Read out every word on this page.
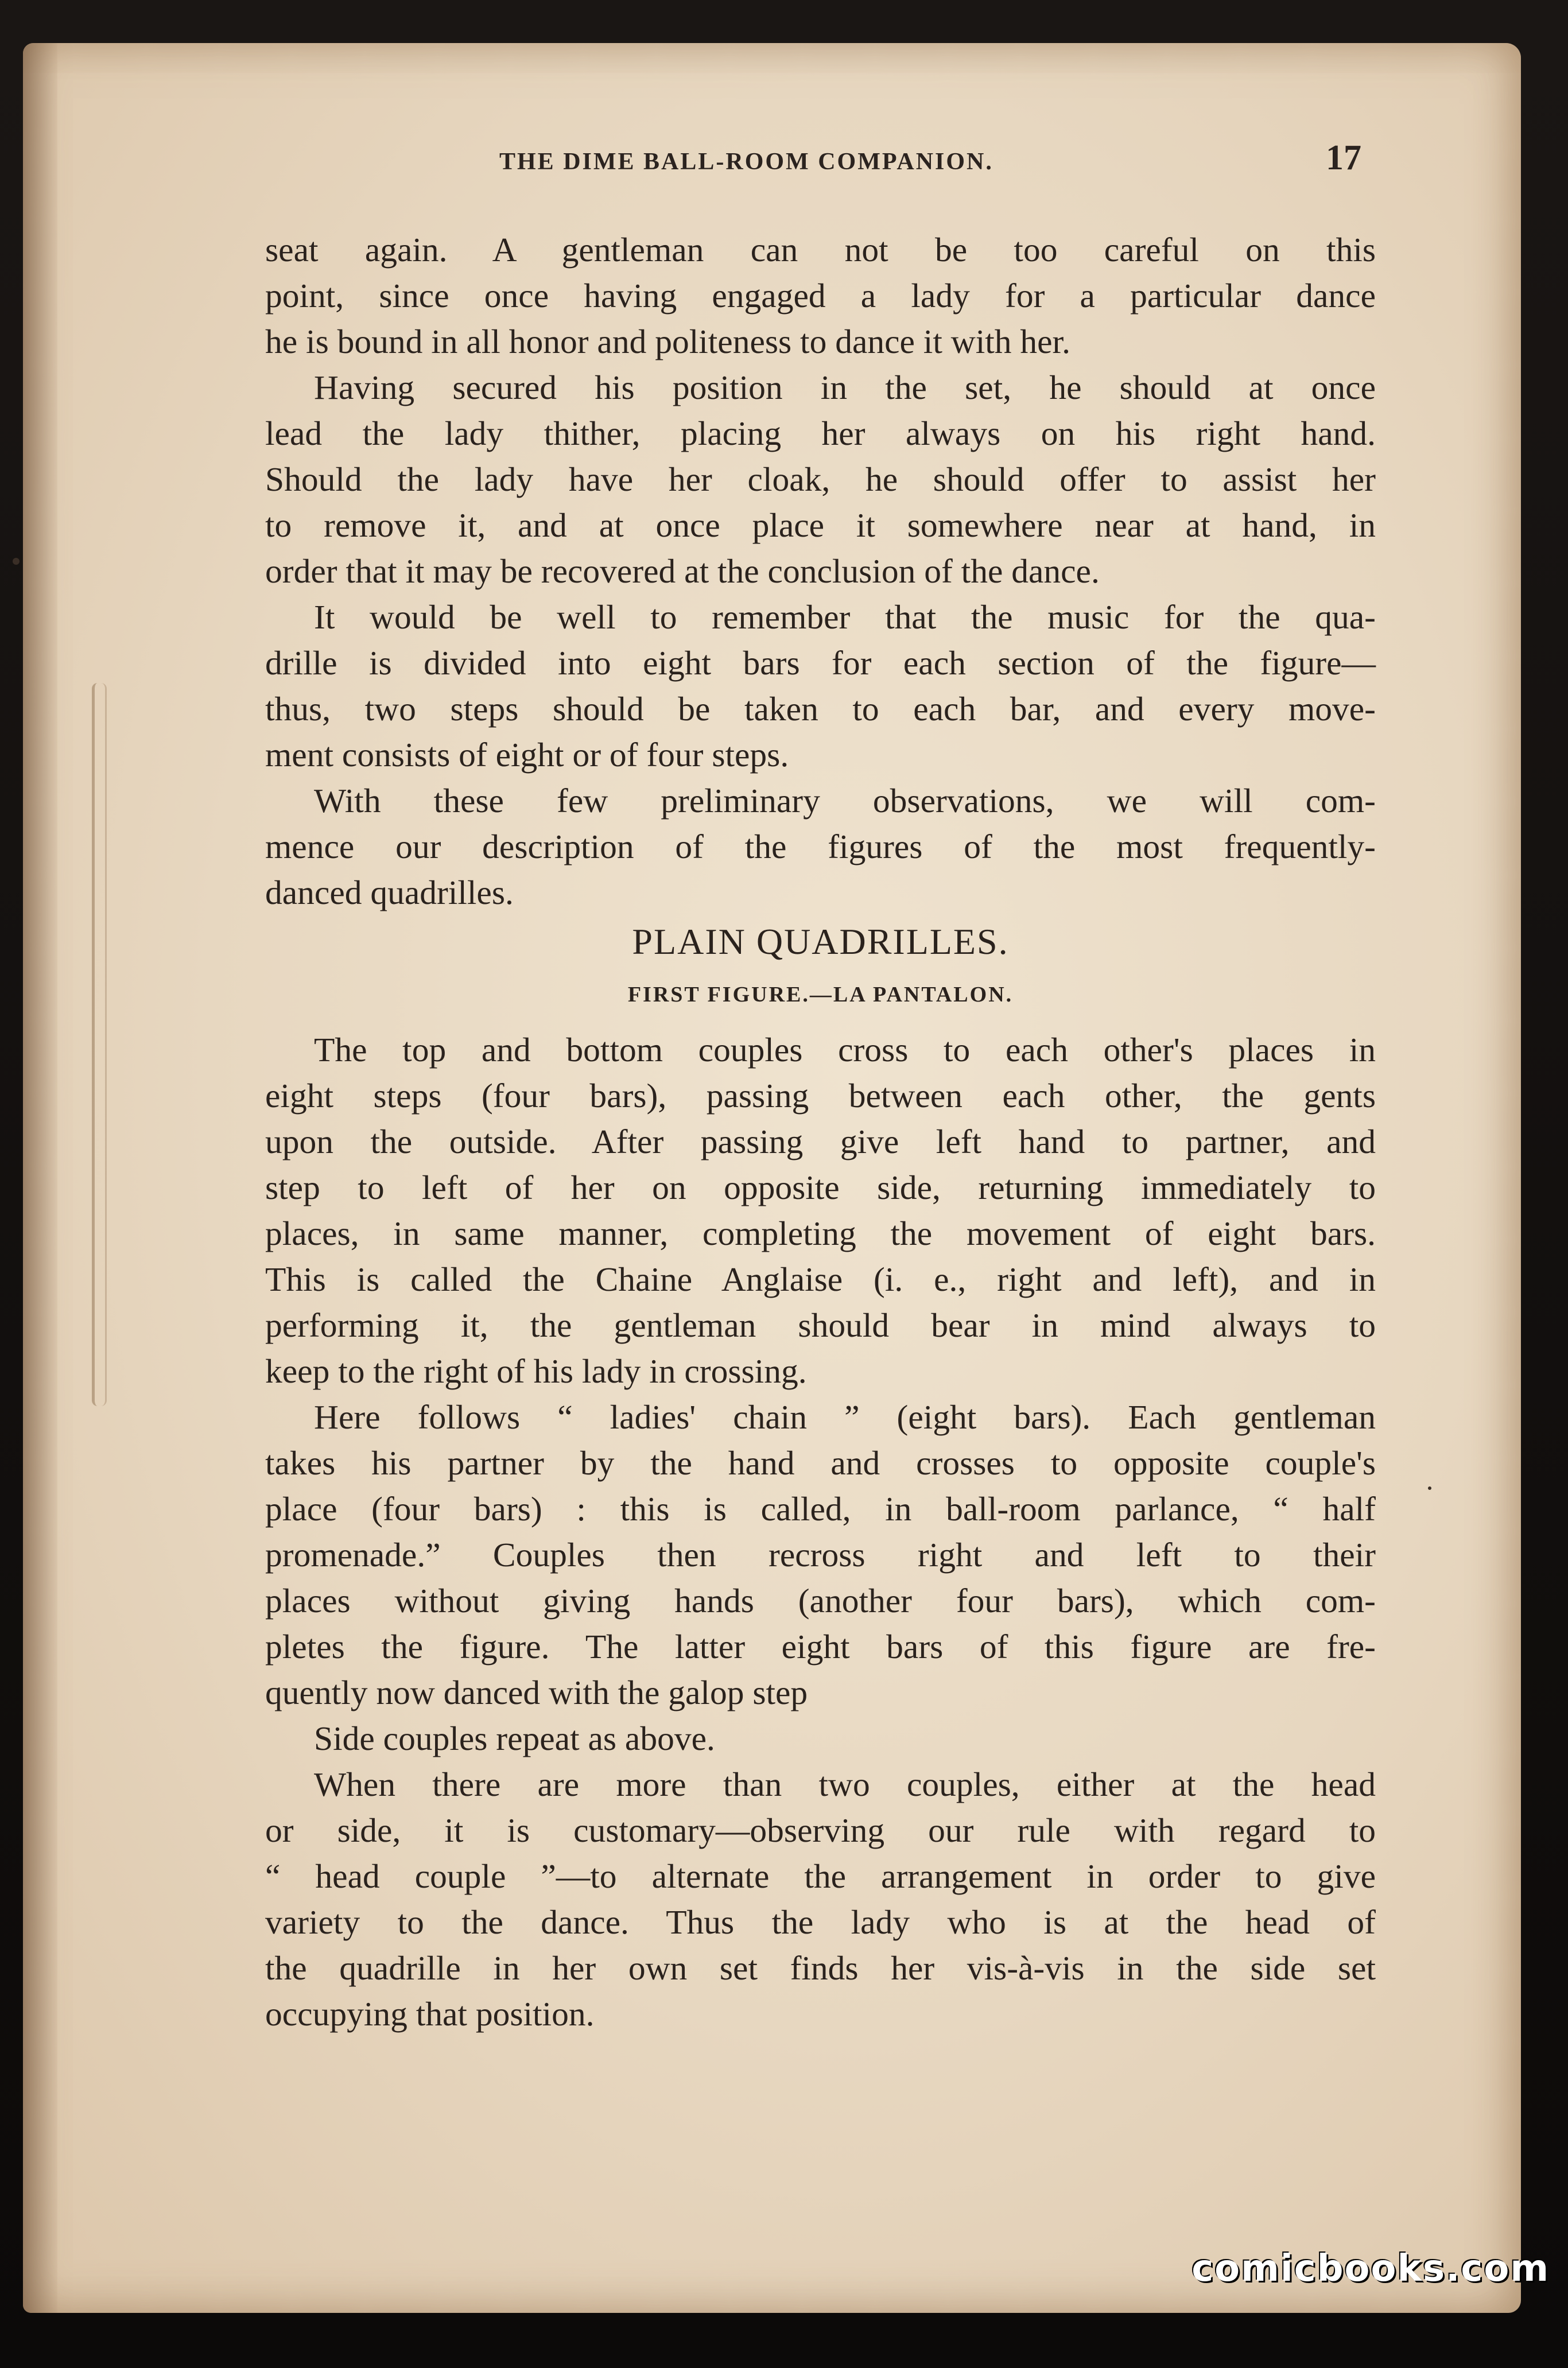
THE DIME BALL-ROOM COMPANION.	17
seat again. A gentleman can not be too careful on this
point, since once having engaged a lady for a particular dance
he is bound in all honor and politeness to dance it with her.
Having secured his position in the set, he should at once
lead the lady thither, placing her always on his right hand.
Should the lady have her cloak, he should offer to assist her
to remove it, and at once place it somewhere near at hand, in
order that it may be recovered at the conclusion of the dance.
It would be well to remember that the music for the qua-
drille is divided into eight bars for each section of the figure—
thus, two steps should be taken to each bar, and every move-
ment consists of eight or of four steps.
With these few preliminary observations, we will com-
mence our description of the figures of the most frequently-
danced quadrilles.
PLAIN QUADRILLES.
FIRST FIGURE.—LA PANTALON.
The top and bottom couples cross to each other's places in
eight steps (four bars), passing between each other, the gents
upon the outside. After passing give left hand to partner, and
step to left of her on opposite side, returning immediately to
places, in same manner, completing the movement of eight bars.
This is called the Chaine Anglaise (i. e., right and left), and in
performing it, the gentleman should bear in mind always to
keep to the right of his lady in crossing.
Here follows “ ladies' chain ” (eight bars). Each gentleman
takes his partner by the hand and crosses to opposite couple's
place (four bars) : this is called, in ball-room parlance, “ half
promenade.” Couples then recross right and left to their
places without giving hands (another four bars), which com-
pletes the figure. The latter eight bars of this figure are fre-
quently now danced with the galop step
Side couples repeat as above.
When there are more than two couples, either at the head
or side, it is customary—observing our rule with regard to
“ head couple ”—to alternate the arrangement in order to give
variety to the dance. Thus the lady who is at the head of
the quadrille in her own set finds her vis-à-vis in the side set
occupying that position.
comicbooks.com
